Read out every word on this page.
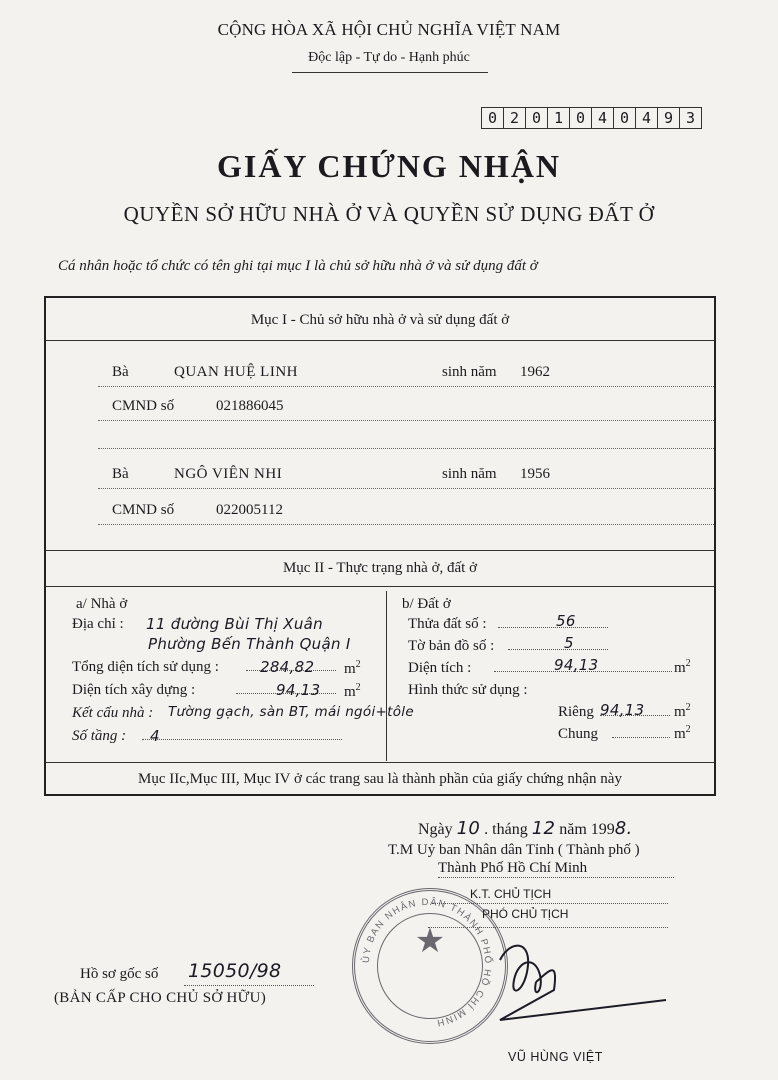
CỘNG HÒA XÃ HỘI CHỦ NGHĨA VIỆT NAM
Độc lập - Tự do - Hạnh phúc
0 2 0 1 0 4 0 4 9 3
GIẤY CHỨNG NHẬN
QUYỀN SỞ HỮU NHÀ Ở VÀ QUYỀN SỬ DỤNG ĐẤT Ở
Cá nhân hoặc tổ chức có tên ghi tại mục I là chủ sở hữu nhà ở và sử dụng đất ở
Mục I - Chủ sở hữu nhà ở và sử dụng đất ở
Bà	QUAN HUỆ LINH	sinh năm 1962
CMND số	021886045
Bà	NGÔ VIÊN NHI	sinh năm 1956
CMND số	022005112
Mục II - Thực trạng nhà ở, đất ở
a/ Nhà ở
Địa chỉ : 11 đường Bùi Thị Xuân
Phường Bến Thành Quận I
Tổng diện tích sử dụng :	284,82 $m^2$
Diện tích xây dựng :	94,13 $m^2$
Kết cấu nhà : Tường gạch, sàn BT, mái ngói+tôle
Số tầng : 4
b/ Đất ở
Thửa đất số :	56
Tờ bản đồ số :	5
Diện tích :	94,13	$m^2$
Hình thức sử dụng :
Riêng 94,13 $m^2$
Chung	$m^2$
Mục IIc,Mục III, Mục IV ở các trang sau là thành phần của giấy chứng nhận này
Ngày 10 . tháng 12 năm 1998.
T.M Uỷ ban Nhân dân Tỉnh ( Thành phố )
Thành Phố Hồ Chí Minh
K.T. CHỦ TỊCH
PHÓ CHỦ TỊCH
ỦY BAN NHÂN DÂN THÀNH PHỐ HỒ CHÍ MINH
★
Hồ sơ gốc số 15050/98
(BẢN CẤP CHO CHỦ SỞ HỮU)
VŨ HÙNG VIỆT
